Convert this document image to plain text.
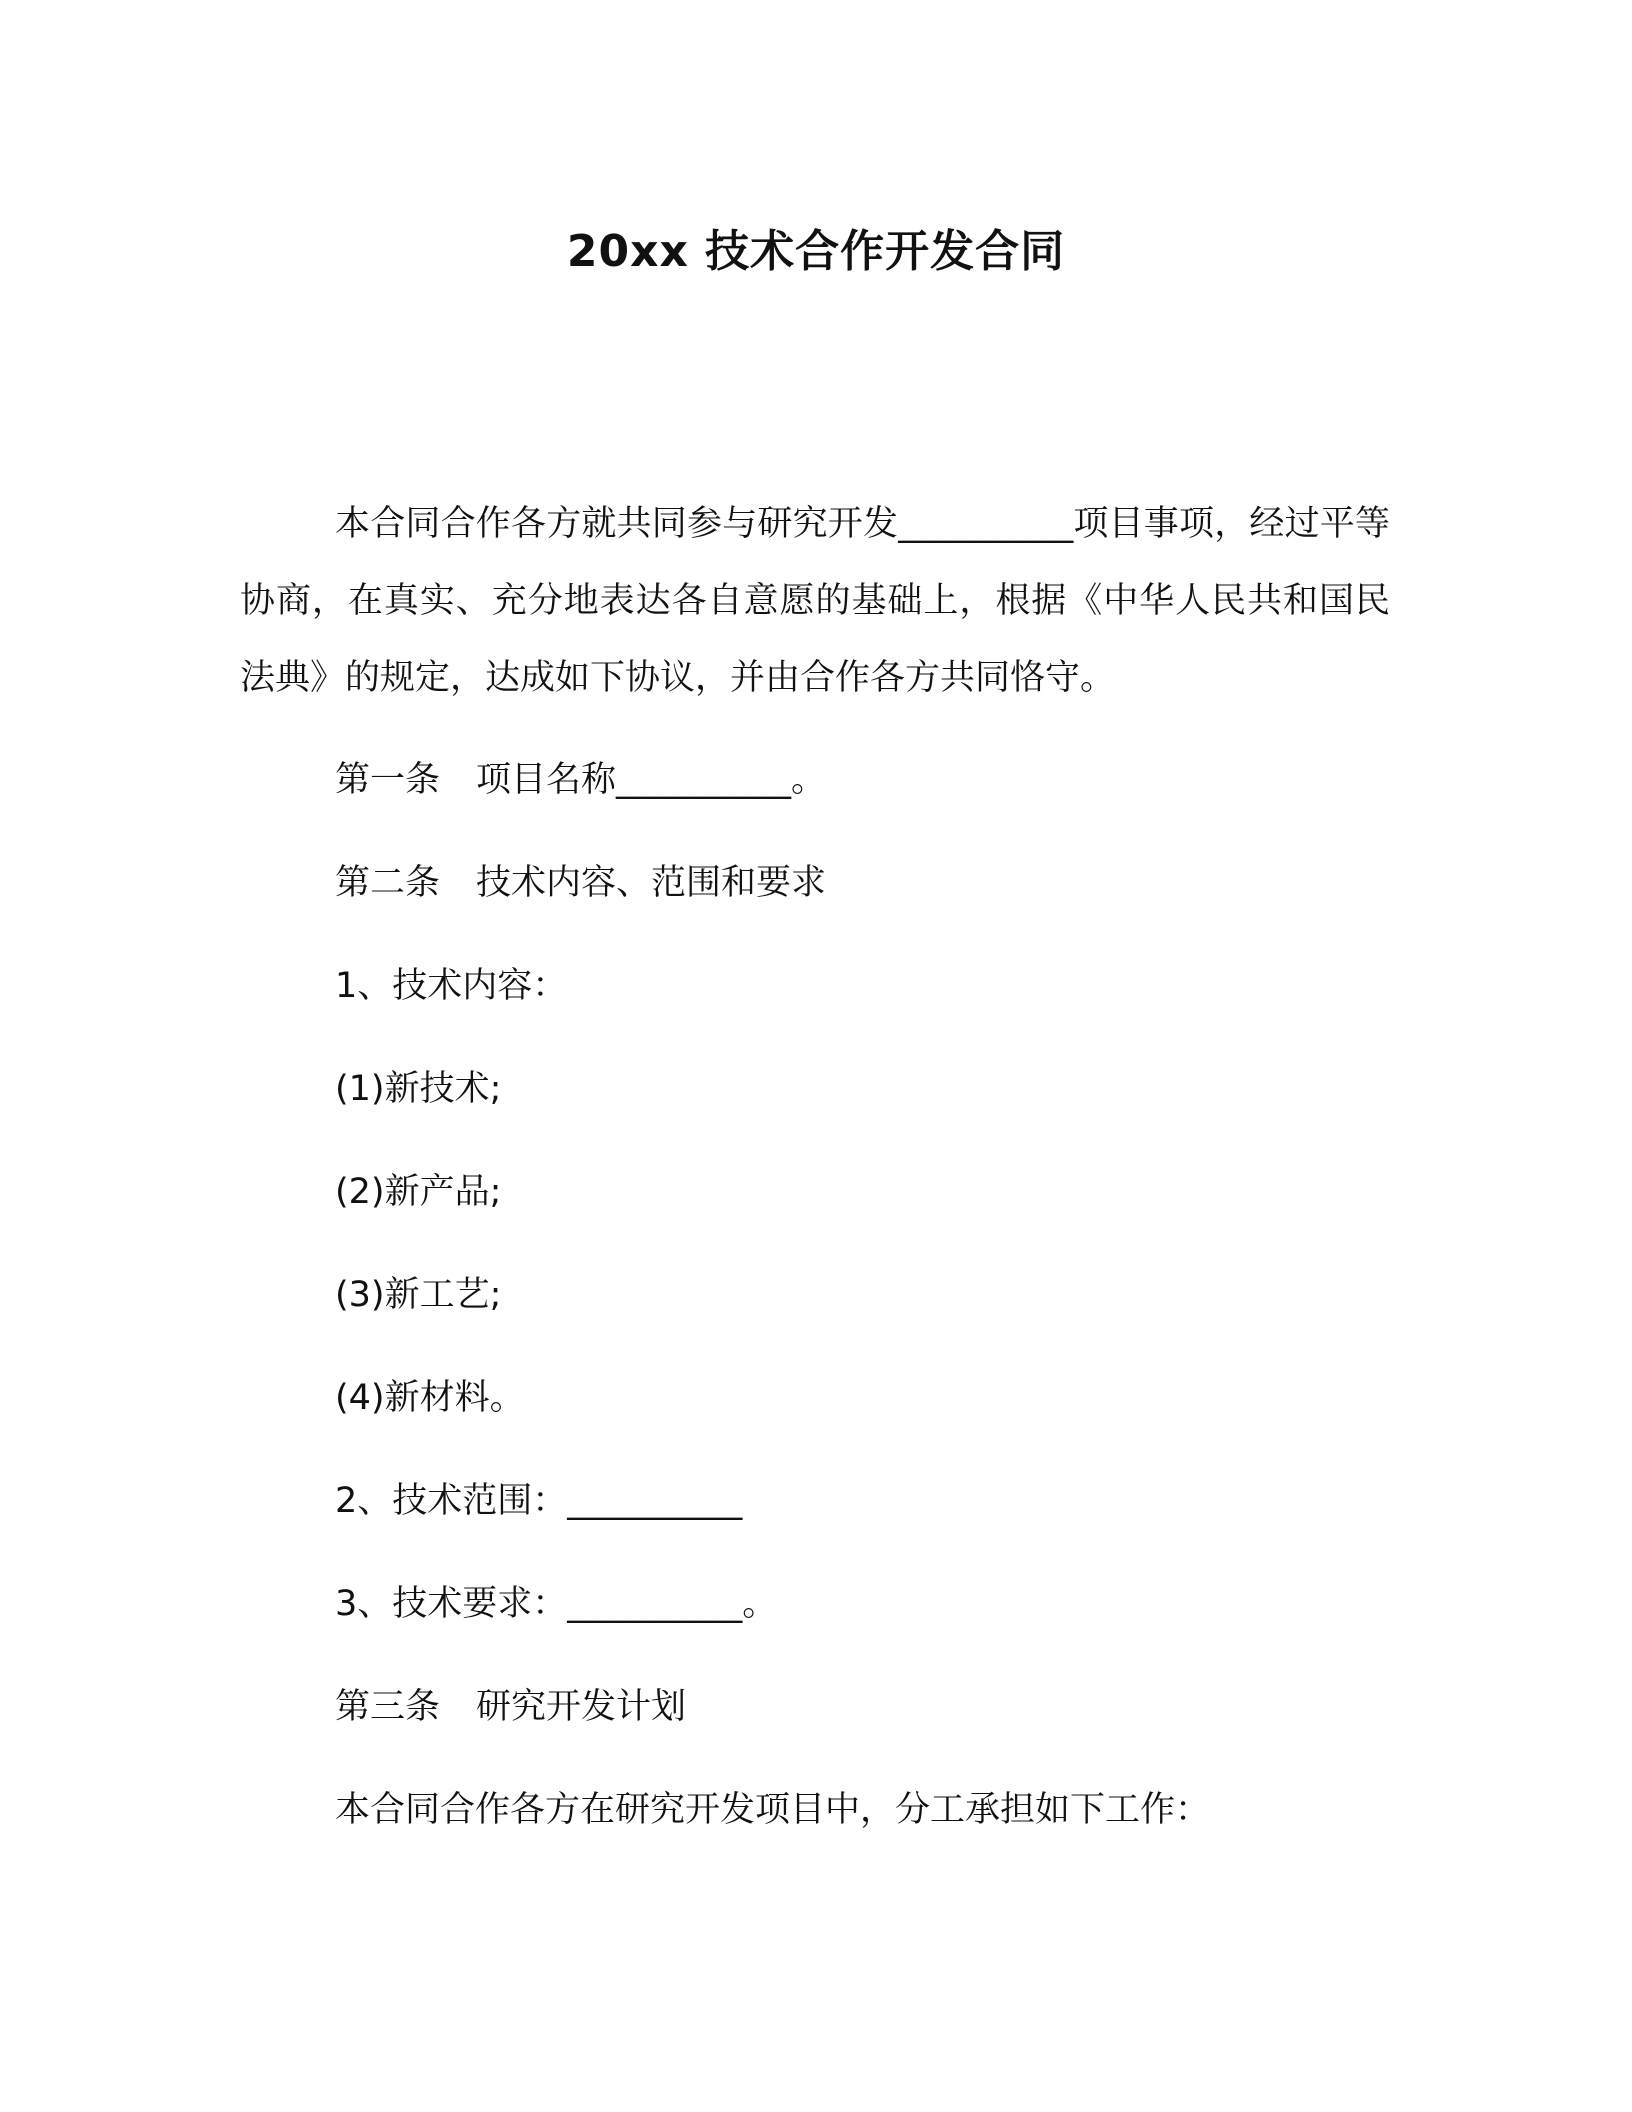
20xx 技术合作开发合同

本合同合作各方就共同参与研究开发__________项目事项，经过平等协商，在真实、充分地表达各自意愿的基础上，根据《中华人民共和国民法典》的规定，达成如下协议，并由合作各方共同恪守。

第一条 项目名称__________。

第二条 技术内容、范围和要求

1、技术内容：

(1)新技术;

(2)新产品;

(3)新工艺;

(4)新材料。

2、技术范围：__________

3、技术要求：__________。

第三条 研究开发计划

本合同合作各方在研究开发项目中，分工承担如下工作：
